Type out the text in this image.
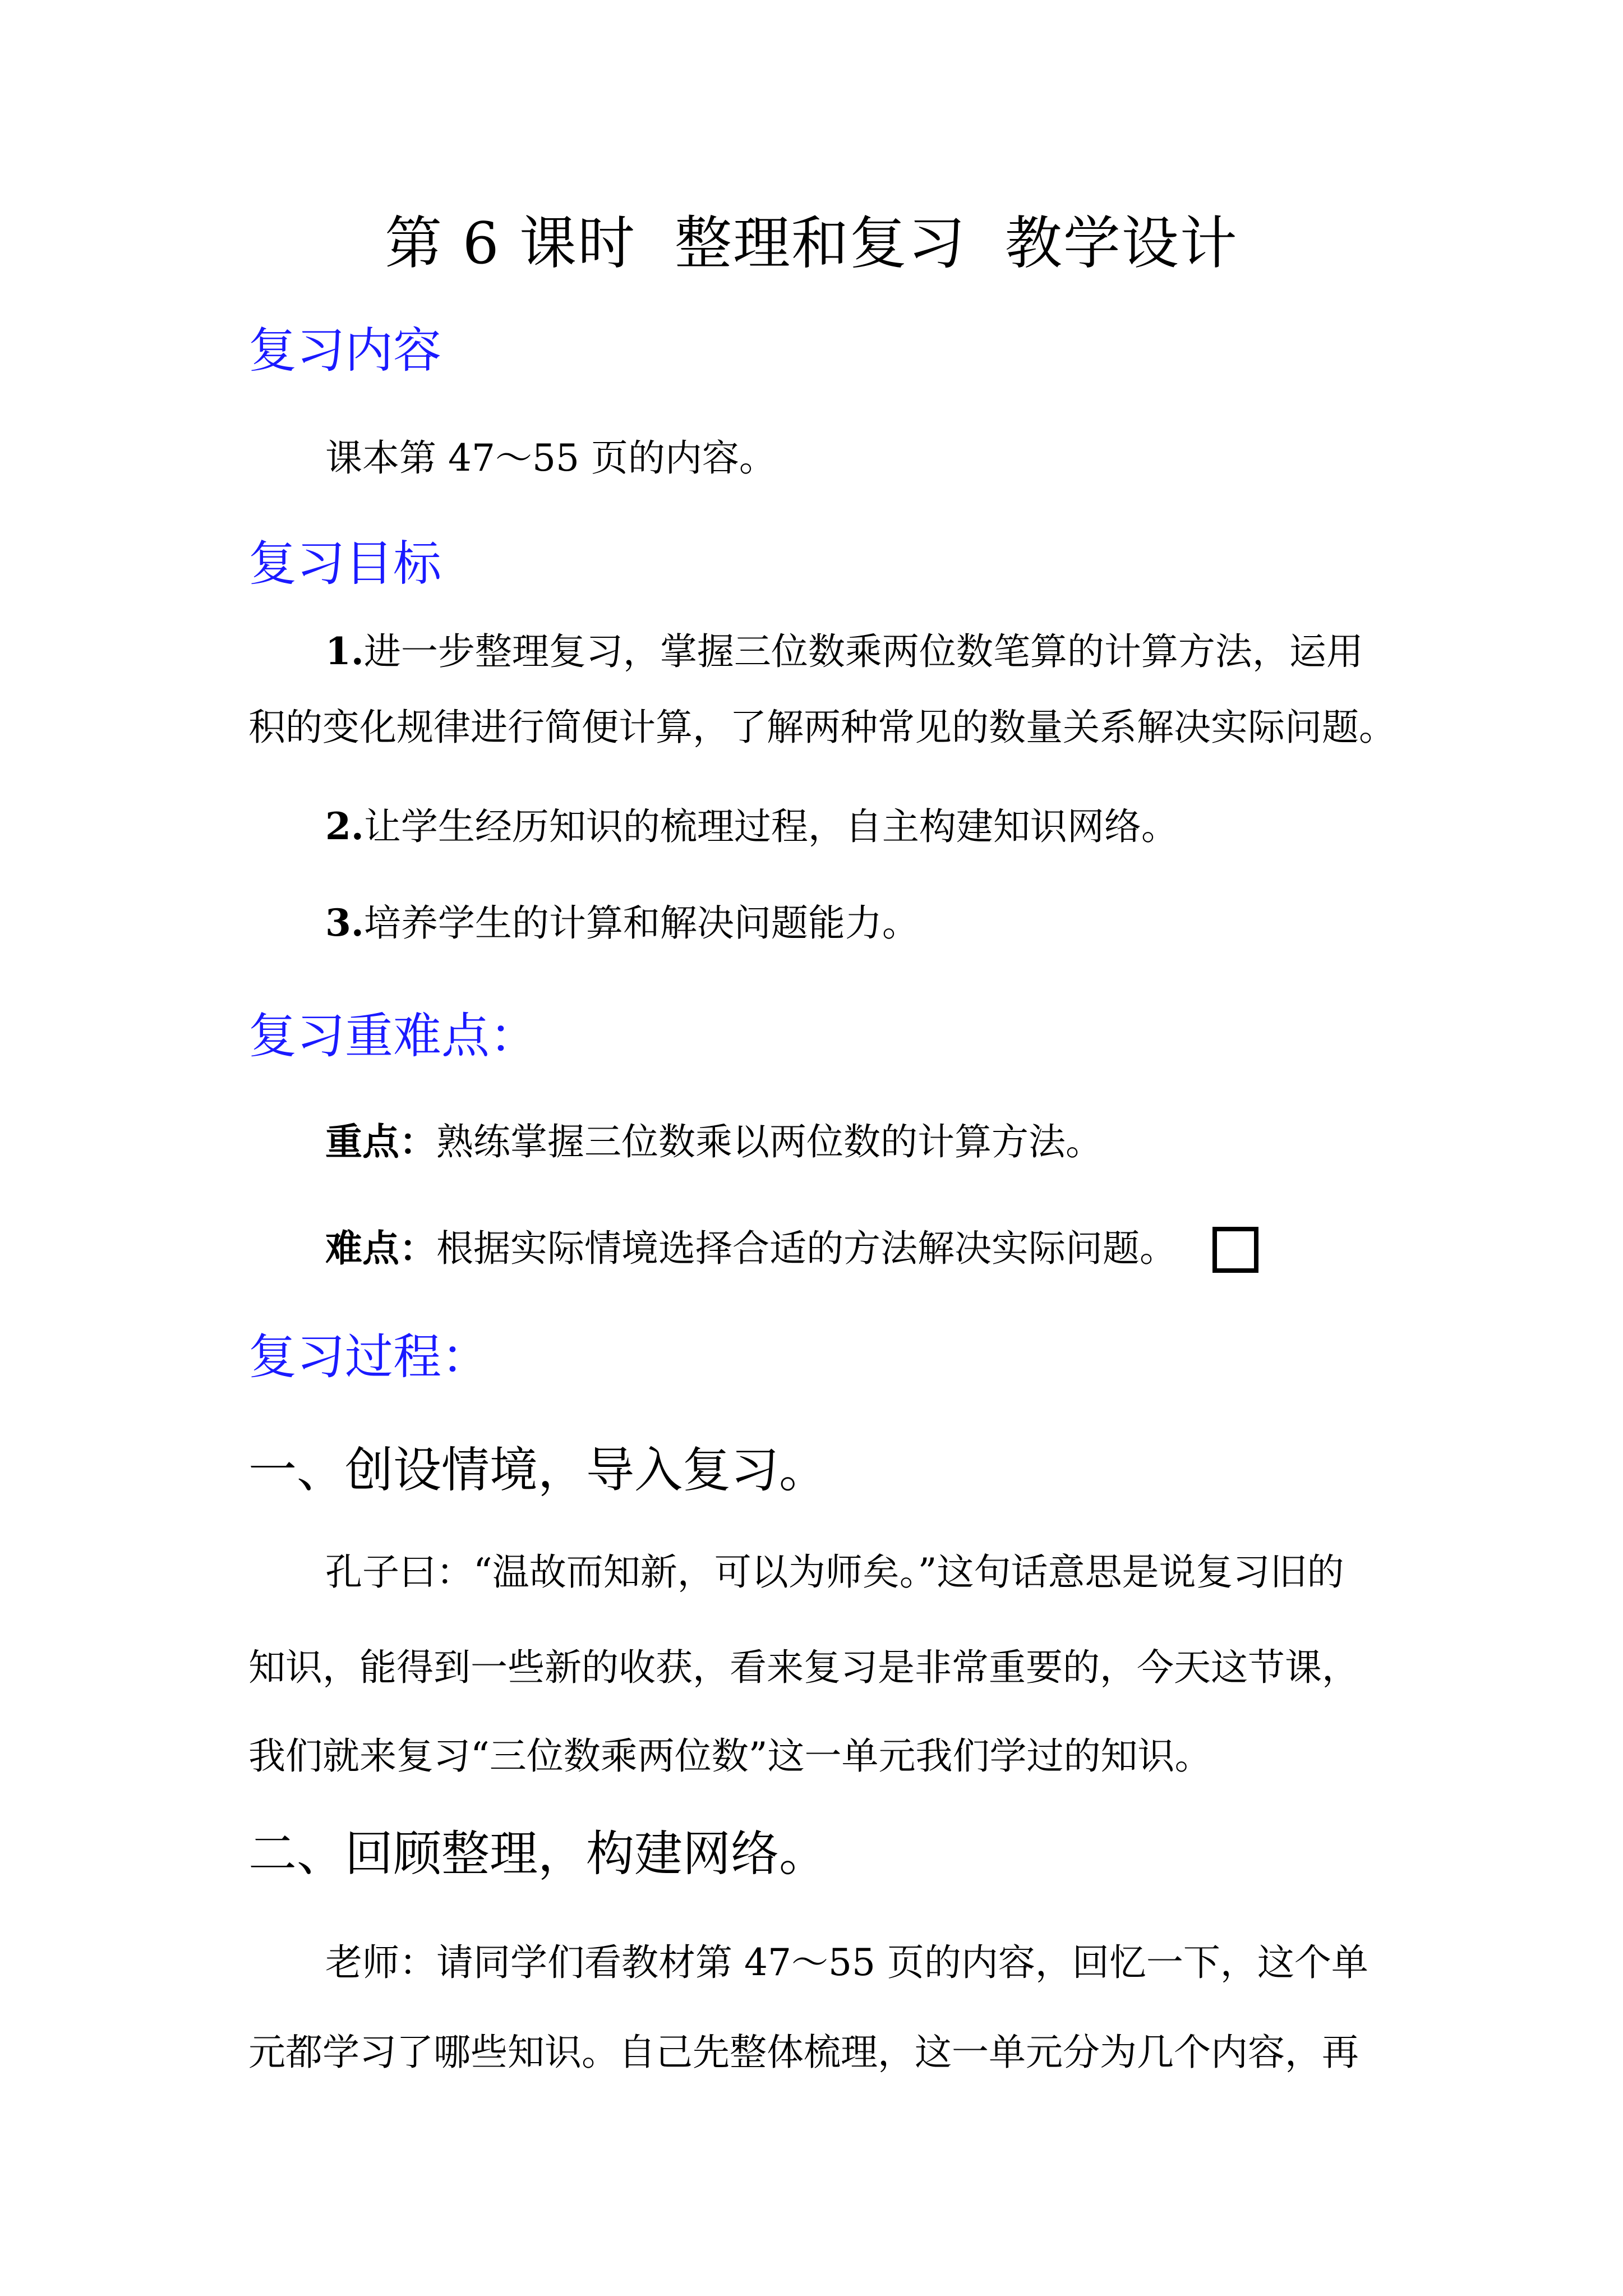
第 6 课时  整理和复习  教学设计
复习内容
课本第 47～55 页的内容。
复习目标
1.进一步整理复习，掌握三位数乘两位数笔算的计算方法，运用
积的变化规律进行简便计算，了解两种常见的数量关系解决实际问题。
2.让学生经历知识的梳理过程，自主构建知识网络。
3.培养学生的计算和解决问题能力。
复习重难点：
重点：熟练掌握三位数乘以两位数的计算方法。
难点：根据实际情境选择合适的方法解决实际问题。
复习过程：
一、创设情境，导入复习。
孔子曰：“温故而知新，可以为师矣。”这句话意思是说复习旧的
知识，能得到一些新的收获，看来复习是非常重要的，今天这节课，
我们就来复习“三位数乘两位数”这一单元我们学过的知识。
二、回顾整理，构建网络。
老师：请同学们看教材第 47～55 页的内容，回忆一下，这个单
元都学习了哪些知识。自己先整体梳理，这一单元分为几个内容，再
